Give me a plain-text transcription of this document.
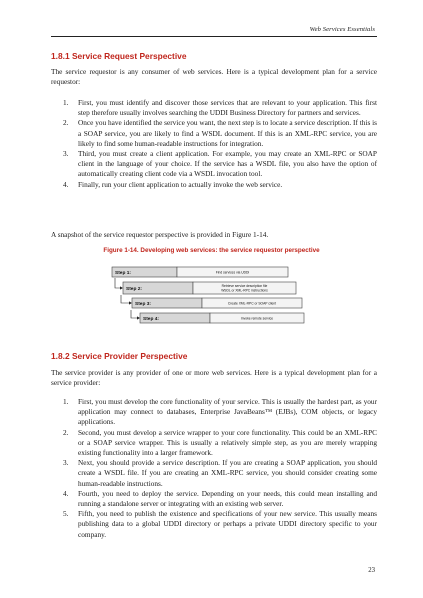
Web Services Essentials
1.8.1 Service Request Perspective

The service requestor is any consumer of web services. Here is a typical development plan for a service requestor:

1. First, you must identify and discover those services that are relevant to your application. This first step therefore usually involves searching the UDDI Business Directory for partners and services.
2. Once you have identified the service you want, the next step is to locate a service description. If this is a SOAP service, you are likely to find a WSDL document. If this is an XML-RPC service, you are likely to find some human-readable instructions for integration.
3. Third, you must create a client application. For example, you may create an XML-RPC or SOAP client in the language of your choice. If the service has a WSDL file, you also have the option of automatically creating client code via a WSDL invocation tool.
4. Finally, run your client application to actually invoke the web service.

A snapshot of the service requestor perspective is provided in Figure 1-14.

Figure 1-14. Developing web services: the service requestor perspective
Step 1:	Find services via UDDI
Step 2:
Retrieve service description file
WSDL or XML-RPC instructions
Step 3:	Create XML-RPC or SOAP client
Step 4:	Invoke remote service
1.8.2 Service Provider Perspective

The service provider is any provider of one or more web services. Here is a typical development plan for a service provider:

1. First, you must develop the core functionality of your service. This is usually the hardest part, as your application may connect to databases, Enterprise JavaBeans™ (EJBs), COM objects, or legacy applications.
2. Second, you must develop a service wrapper to your core functionality. This could be an XML-RPC or a SOAP service wrapper. This is usually a relatively simple step, as you are merely wrapping existing functionality into a larger framework.
3. Next, you should provide a service description. If you are creating a SOAP application, you should create a WSDL file. If you are creating an XML-RPC service, you should consider creating some human-readable instructions.
4. Fourth, you need to deploy the service. Depending on your needs, this could mean installing and running a standalone server or integrating with an existing web server.
5. Fifth, you need to publish the existence and specifications of your new service. This usually means publishing data to a global UDDI directory or perhaps a private UDDI directory specific to your company.
23
